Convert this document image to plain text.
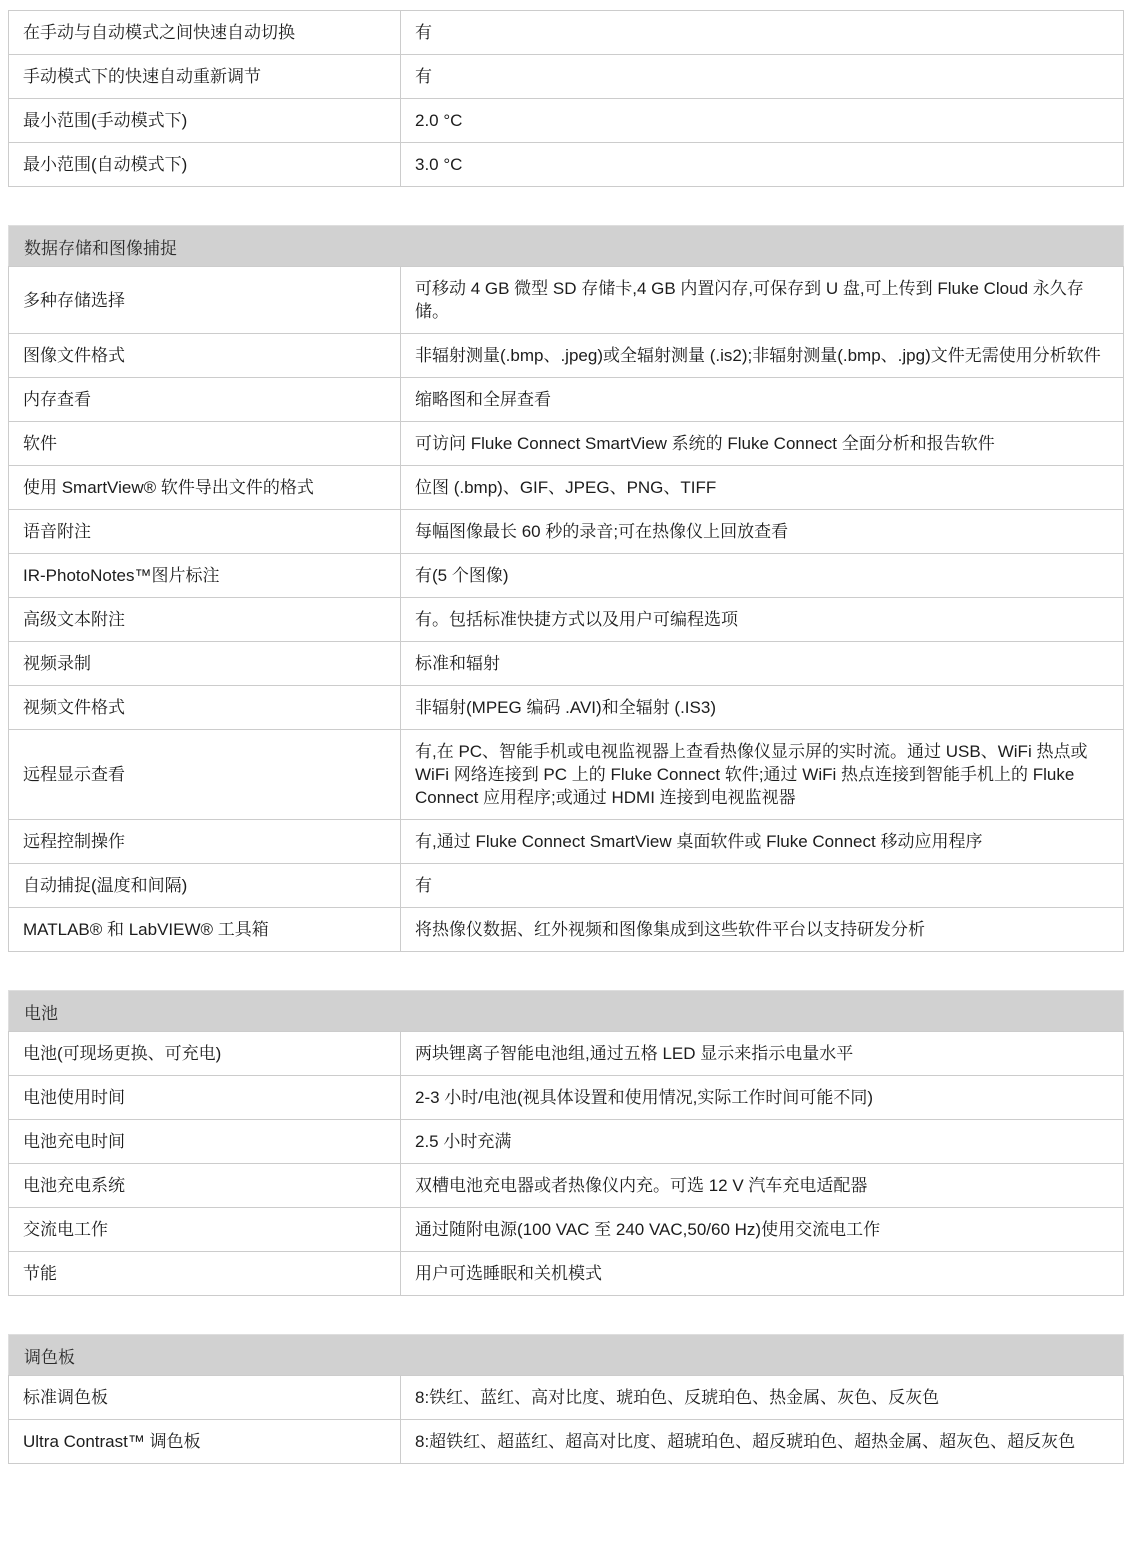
在手动与自动模式之间快速自动切换	有
手动模式下的快速自动重新调节	有
最小范围(手动模式下)	2.0 °C
最小范围(自动模式下)	3.0 °C
数据存储和图像捕捉
多种存储选择	可移动 4 GB 微型 SD 存储卡,4 GB 内置闪存,可保存到 U 盘,可上传到 Fluke Cloud 永久存储。
图像文件格式	非辐射测量(.bmp、.jpeg)或全辐射测量 (.is2);非辐射测量(.bmp、.jpg)文件无需使用分析软件
内存查看	缩略图和全屏查看
软件	可访问 Fluke Connect SmartView 系统的 Fluke Connect 全面分析和报告软件
使用 SmartView® 软件导出文件的格式	位图 (.bmp)、GIF、JPEG、PNG、TIFF
语音附注	每幅图像最长 60 秒的录音;可在热像仪上回放查看
IR-PhotoNotes™图片标注	有(5 个图像)
高级文本附注	有。包括标准快捷方式以及用户可编程选项
视频录制	标准和辐射
视频文件格式	非辐射(MPEG 编码 .AVI)和全辐射 (.IS3)
远程显示查看	有,在 PC、智能手机或电视监视器上查看热像仪显示屏的实时流。通过 USB、WiFi 热点或 WiFi 网络连接到 PC 上的 Fluke Connect 软件;通过 WiFi 热点连接到智能手机上的 Fluke Connect 应用程序;或通过 HDMI 连接到电视监视器
远程控制操作	有,通过 Fluke Connect SmartView 桌面软件或 Fluke Connect 移动应用程序
自动捕捉(温度和间隔)	有
MATLAB® 和 LabVIEW® 工具箱	将热像仪数据、红外视频和图像集成到这些软件平台以支持研发分析
电池
电池(可现场更换、可充电)	两块锂离子智能电池组,通过五格 LED 显示来指示电量水平
电池使用时间	2-3 小时/电池(视具体设置和使用情况,实际工作时间可能不同)
电池充电时间	2.5 小时充满
电池充电系统	双槽电池充电器或者热像仪内充。可选 12 V 汽车充电适配器
交流电工作	通过随附电源(100 VAC 至 240 VAC,50/60 Hz)使用交流电工作
节能	用户可选睡眠和关机模式
调色板
标准调色板	8:铁红、蓝红、高对比度、琥珀色、反琥珀色、热金属、灰色、反灰色
Ultra Contrast™ 调色板	8:超铁红、超蓝红、超高对比度、超琥珀色、超反琥珀色、超热金属、超灰色、超反灰色
